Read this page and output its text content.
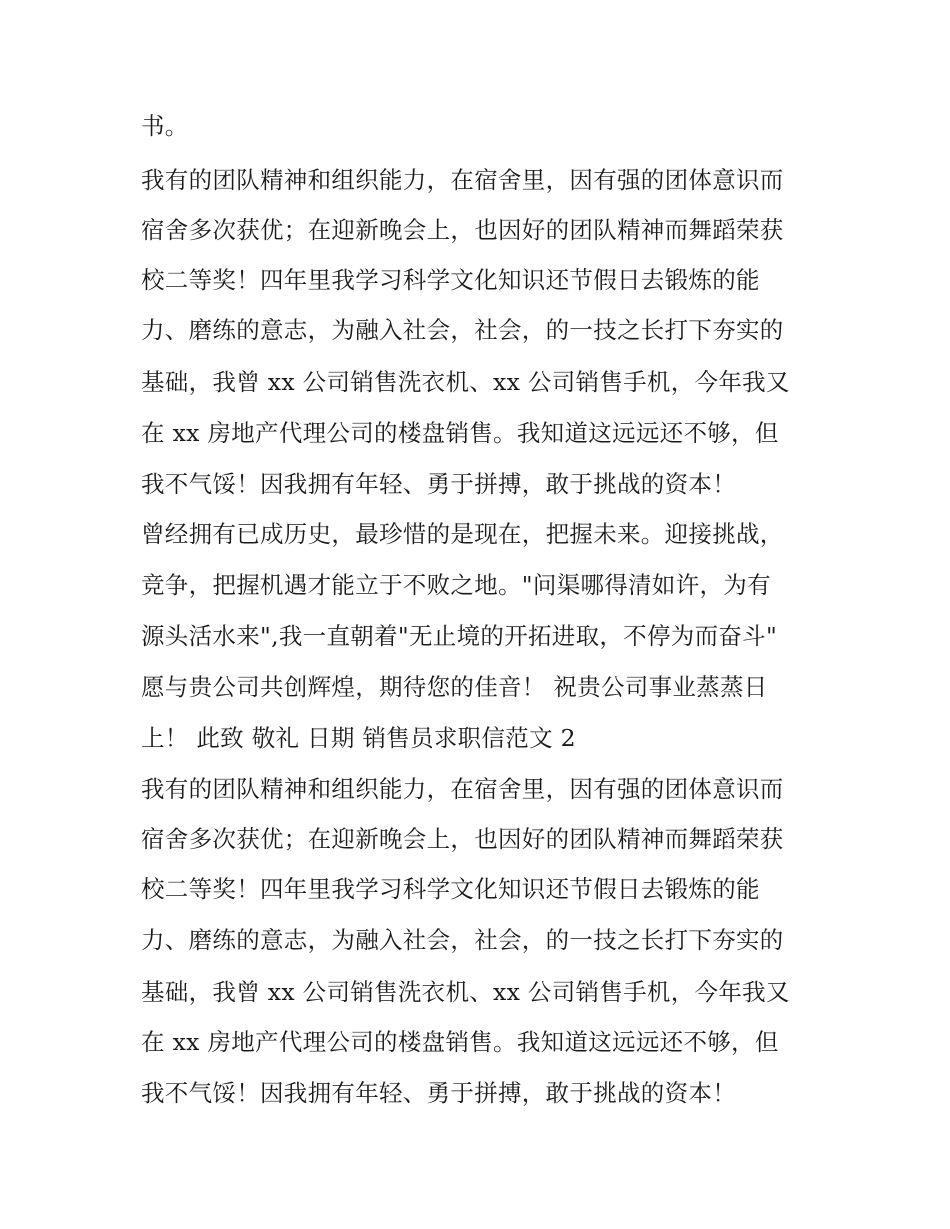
书。
我有的团队精神和组织能力，在宿舍里，因有强的团体意识而
宿舍多次获优；在迎新晚会上，也因好的团队精神而舞蹈荣获
校二等奖！四年里我学习科学文化知识还节假日去锻炼的能
力、磨练的意志，为融入社会，社会，的一技之长打下夯实的
基础，我曾 xx 公司销售洗衣机、xx 公司销售手机，今年我又
在 xx 房地产代理公司的楼盘销售。我知道这远远还不够，但
我不气馁！因我拥有年轻、勇于拼搏，敢于挑战的资本！
曾经拥有已成历史，最珍惜的是现在，把握未来。迎接挑战，
竞争，把握机遇才能立于不败之地。"问渠哪得清如许，为有
源头活水来",我一直朝着"无止境的开拓进取，不停为而奋斗"
愿与贵公司共创辉煌，期待您的佳音！ 祝贵公司事业蒸蒸日
上！ 此致 敬礼 日期 销售员求职信范文 2
我有的团队精神和组织能力，在宿舍里，因有强的团体意识而
宿舍多次获优；在迎新晚会上，也因好的团队精神而舞蹈荣获
校二等奖！四年里我学习科学文化知识还节假日去锻炼的能
力、磨练的意志，为融入社会，社会，的一技之长打下夯实的
基础，我曾 xx 公司销售洗衣机、xx 公司销售手机，今年我又
在 xx 房地产代理公司的楼盘销售。我知道这远远还不够，但
我不气馁！因我拥有年轻、勇于拼搏，敢于挑战的资本！
